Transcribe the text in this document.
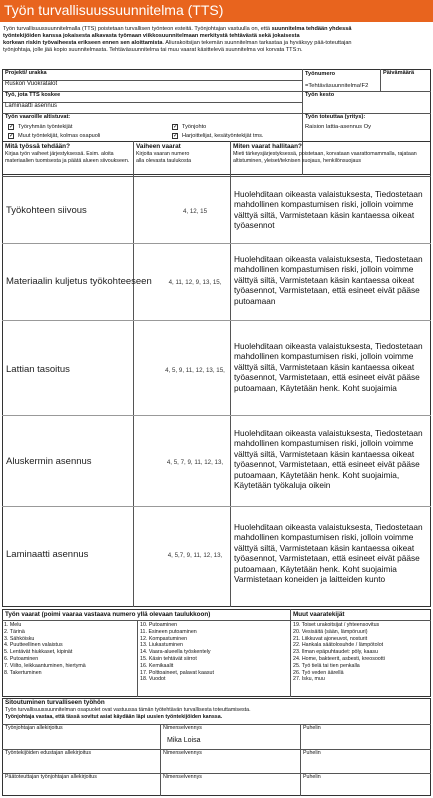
Työn turvallisuussuunnitelma (TTS)
Työn turvallisuussuunnitelmalla (TTS) poistetaan turvallisen työnteon esteitä. Työnjohtajan vastuulla on, että suunnitelma tehdään yhdessä
työntekijöiden kanssa jokaisesta alkavasta työmaan viikkosuunnitelmaan merkitystä tehtävästä sekä jokaisesta
korkean riskin työvaiheesta erikseen ennen sen aloittamista. Aliurakoitsijan tekemän suunnitelman tarkastaa ja hyväksyy pää-toteuttajan
työnjohtaja, jolle jää kopio suunnitelmasta. Tehtäväsuunnitelma tai muu vaarat käsittelevä suunnitelma voi korvata TTS:n.
Projekti/ urakka
Ruskon Vuokratalot
Työnumero
=Tehtäväsuunnitelma!F2
Päivämäärä
Työ, jota TTS koskee
Laminaatti asennus
Työn kesto
Työn vaaroille altistuvat:
✓ Työryhmän työntekijät
✓ Muut työntekijät, kolmas osapuoli
✓ Työnjohto
✓ Harjoittelijat, kesätyöntekijät tms.
Työn toteuttaa (yritys):
Raision lattia-asennus Oy
Mitä työssä tehdään?
Kirjaa työn vaiheet järjestyksessä. Esim. aloita materiaalien tuomisesta ja päätä alueen siivoukseen.
Vaiheen vaarat
Kirjoita vaaran numero alla olevasta taulukosta
Miten vaarat hallitaan?
Mieti tärkeysjärjestyksessä, poistetaan, korvataan vaarattomammalla, rajataan altistuminen, yleiset/teknisen suojaus, henkilönsuojaus
Työkohteen siivous	4, 12, 15
Huolehditaan oikeasta valaistuksesta, Tiedostetaan
mahdollinen kompastumisen riski, jolloin voimme
välttyä siltä, Varmistetaan käsin kantaessa oikeat
työasennot
Materiaalin kuljetus työkohteeseen	4, 11, 12, 9, 13, 15,
Huolehditaan oikeasta valaistuksesta, Tiedostetaan
mahdollinen kompastumisen riski, jolloin voimme
välttyä siltä, Varmistetaan käsin kantaessa oikeat
työasennot, Varmistetaan, että esineet eivät pääse
putoamaan
Lattian tasoitus	4, 5, 9, 11, 12, 13, 15,
Huolehditaan oikeasta valaistuksesta, Tiedostetaan
mahdollinen kompastumisen riski, jolloin voimme
välttyä siltä, Varmistetaan käsin kantaessa oikeat
työasennot, Varmistetaan, että esineet eivät pääse
putoamaan, Käytetään henk. Koht suojaimia
Aluskermin asennus	4, 5, 7, 9, 11, 12, 13,
Huolehditaan oikeasta valaistuksesta, Tiedostetaan
mahdollinen kompastumisen riski, jolloin voimme
välttyä siltä, Varmistetaan käsin kantaessa oikeat
työasennot, Varmistetaan, että esineet eivät pääse
putoamaan, Käytetään henk. Koht suojaimia,
Käytetään työkaluja oikein
Laminaatti asennus	4, 5,7, 9, 11, 12, 13,
Huolehditaan oikeasta valaistuksesta, Tiedostetaan
mahdollinen kompastumisen riski, jolloin voimme
välttyä siltä, Varmistetaan käsin kantaessa oikeat
työasennot, Varmistetaan, että esineet eivät pääse
putoamaan, Käytetään henk. Koht suojaimia
Varmistetaan koneiden ja laitteiden kunto
Työn vaarat (poimi vaaraa vastaava numero yllä olevaan taulukkoon)	Muut vaaratekijät
1. Melu
2. Tärinä
3. Sähköisku
4. Puutteellinen valaistus
5. Lentävät hiukkaset, kipinät
6. Putoaminen
7. Viilto, leikkaantuminen, hiertymä
8. Takertuminen
10. Putoaminen
11. Esineen putoaminen
12. Kompastuminen
13. Liukastuminen
14. Vaara-alueella työskentely
15. Käsin tehtävät siirrot
16. Kemikaalit
17. Polttoaineet, palavat kaasut
18. Vuodot
19. Toiset urakoitsijat / yhteensovitus
20. Vesisäitä (sään, lämpöruuri)
21. Liikkuvat ajoneuvot, nosturit
22. Hankala säätolosuhde / lämpötolot
23. Ilman epäpuhtaudet: pöly, kaasu
24. Home, bakteerit, asbesti, kreosootti
25. Työ tielä tai tien penkalla
26. Työ veden äärellä
27. Isku, muu
Sitoutuminen turvalliseen työhön
Työn turvallisuussuunnitelman osapuolet ovat vastuussa tämän työtehtävän turvallisesta toteuttamisesta.
Työnjohtaja vastaa, että tässä sovitut asiat käydään läpi uusien työntekijöiden kanssa.
Työnjohtajan allekirjoitus	Nimenselvennys
Mika Loisa
Puhelin
Työntekijöiden edustajan allekirjoitus	Nimenselvennys	Puhelin
Päätoteuttajan työnjohtajan allekirjoitus	Nimenselvennys	Puhelin
